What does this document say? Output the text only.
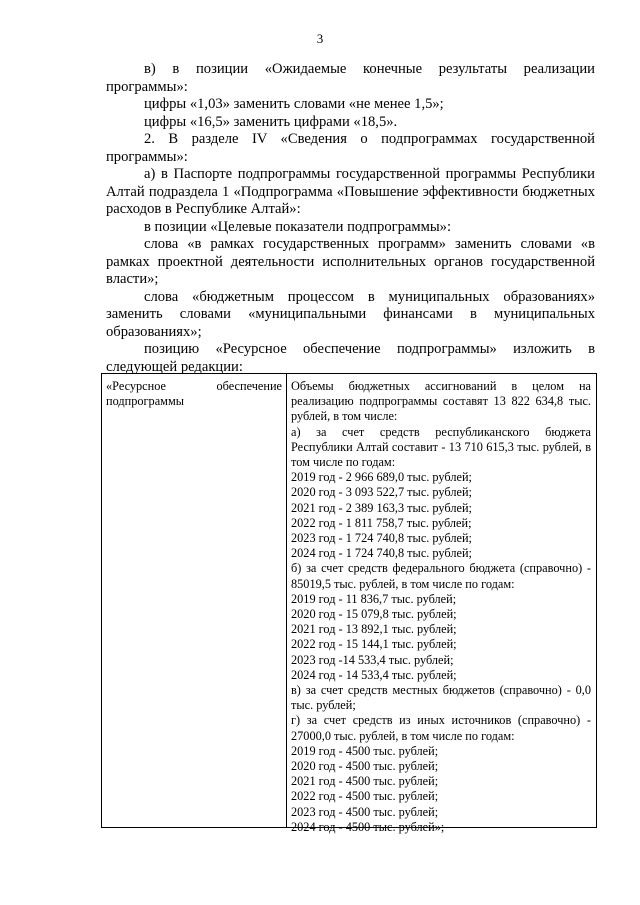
3

в) в позиции «Ожидаемые конечные результаты реализации программы»:

цифры «1,03» заменить словами «не менее 1,5»;

цифры «16,5» заменить цифрами «18,5».

2. В разделе IV «Сведения о подпрограммах государственной программы»:

а) в Паспорте подпрограммы государственной программы Республики Алтай подраздела 1 «Подпрограмма «Повышение эффективности бюджетных расходов в Республике Алтай»:

в позиции «Целевые показатели подпрограммы»:

слова «в рамках государственных программ» заменить словами «в рамках проектной деятельности исполнительных органов государственной власти»;

слова «бюджетным процессом в муниципальных образованиях» заменить словами «муниципальными финансами в муниципальных образованиях»;

позицию «Ресурсное обеспечение подпрограммы» изложить в следующей редакции:

«Ресурсное обеспечение подпрограммы
Объемы бюджетных ассигнований в целом на реализацию подпрограммы составят 13 822 634,8 тыс. рублей, в том числе:
а) за счет средств республиканского бюджета Республики Алтай составит - 13 710 615,3 тыс. рублей, в том числе по годам:
2019 год - 2 966 689,0 тыс. рублей;
2020 год - 3 093 522,7 тыс. рублей;
2021 год - 2 389 163,3 тыс. рублей;
2022 год - 1 811 758,7 тыс. рублей;
2023 год - 1 724 740,8 тыс. рублей;
2024 год - 1 724 740,8 тыс. рублей;
б) за счет средств федерального бюджета (справочно) - 85019,5 тыс. рублей, в том числе по годам:
2019 год - 11 836,7 тыс. рублей;
2020 год - 15 079,8 тыс. рублей;
2021 год - 13 892,1 тыс. рублей;
2022 год - 15 144,1 тыс. рублей;
2023 год -14 533,4 тыс. рублей;
2024 год - 14 533,4 тыс. рублей;
в) за счет средств местных бюджетов (справочно) - 0,0 тыс. рублей;
г) за счет средств из иных источников (справочно) - 27000,0 тыс. рублей, в том числе по годам:
2019 год - 4500 тыс. рублей;
2020 год - 4500 тыс. рублей;
2021 год - 4500 тыс. рублей;
2022 год - 4500 тыс. рублей;
2023 год - 4500 тыс. рублей;
2024 год - 4500 тыс. рублей»;
